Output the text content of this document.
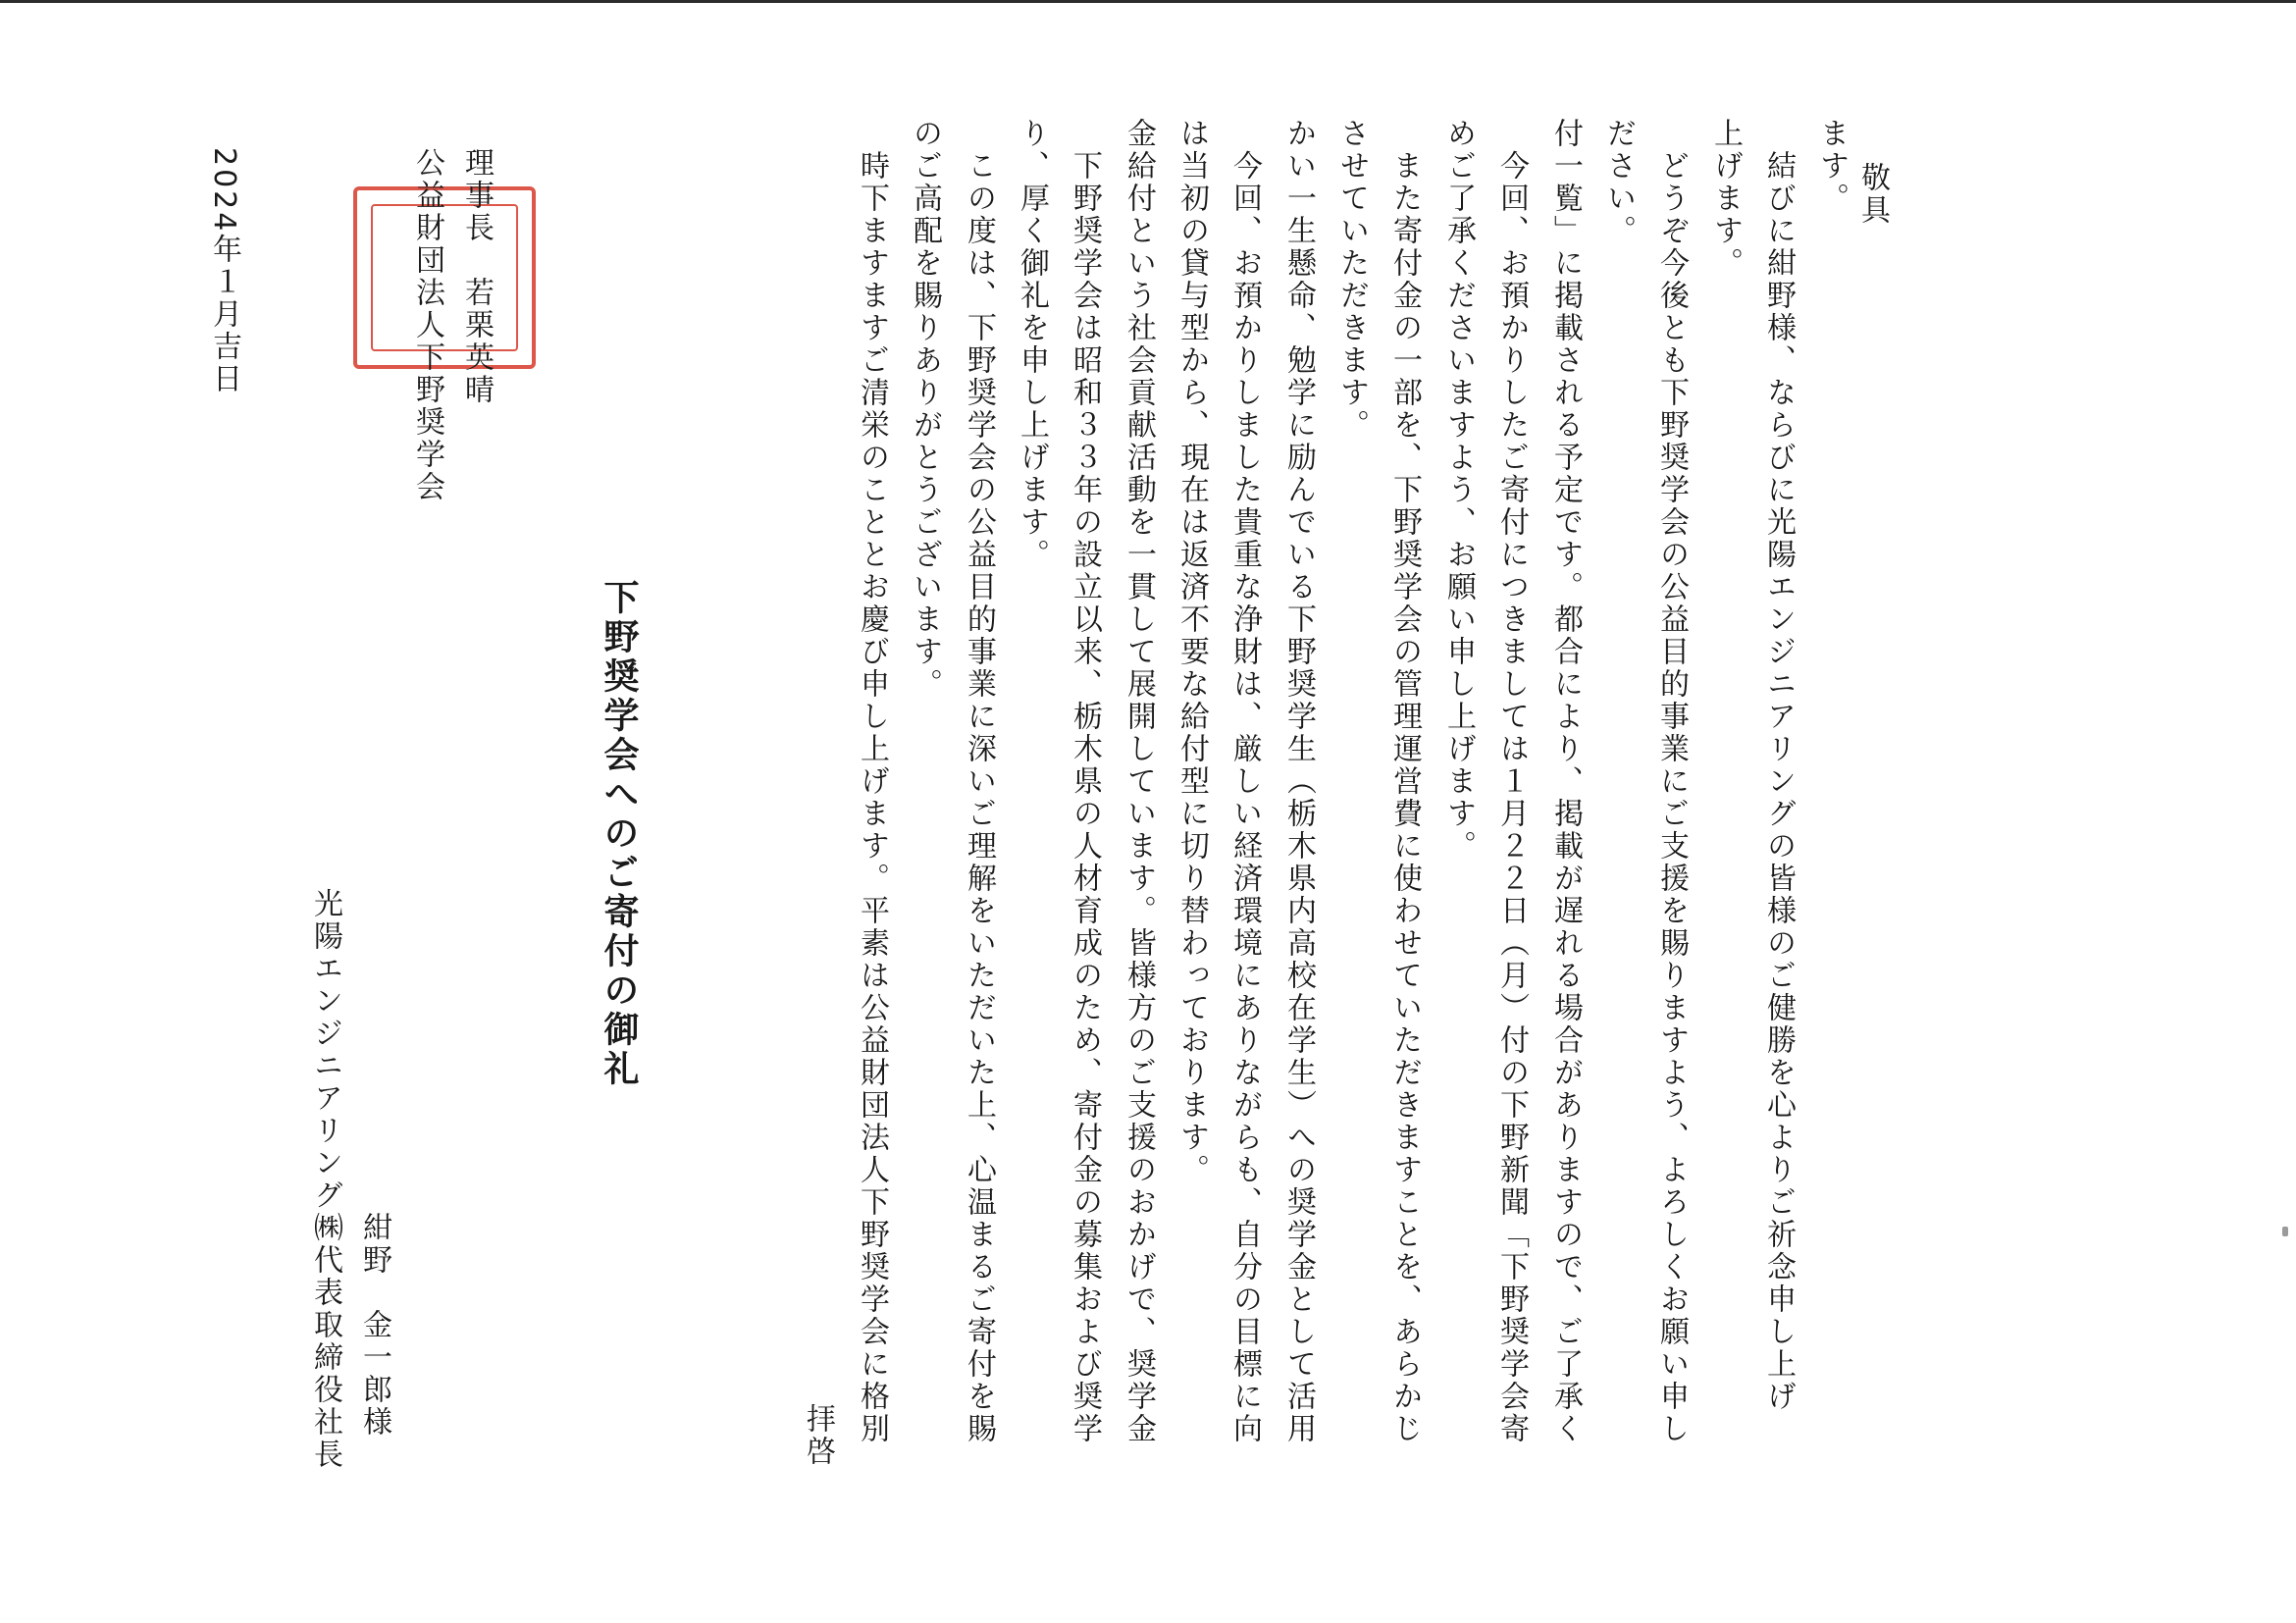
2024年１月吉日
光陽エンジニアリング㈱代表取締役社長 紺野　金一郎様
公益財団法人下野奨学会 理事長　若栗英晴
下野奨学会へのご寄付の御礼
拝啓 　時下ますますご清栄のこととお慶び申し上げます。平素は公益財団法人下野奨学会に格別 のご高配を賜りありがとうございます。 　この度は、下野奨学会の公益目的事業に深いご理解をいただいた上、心温まるご寄付を賜 り、厚く御礼を申し上げます。 　下野奨学会は昭和３３年の設立以来、栃木県の人材育成のため、寄付金の募集および奨学 金給付という社会貢献活動を一貫して展開しています。皆様方のご支援のおかげで、奨学金 は当初の貸与型から、現在は返済不要な給付型に切り替わっております。 　今回、お預かりしました貴重な浄財は、厳しい経済環境にありながらも、自分の目標に向 かい一生懸命、勉学に励んでいる下野奨学生（栃木県内高校在学生）への奨学金として活用 させていただきます。 　また寄付金の一部を、下野奨学会の管理運営費に使わせていただきますことを、あらかじ めご了承くださいますよう、お願い申し上げます。 　今回、お預かりしたご寄付につきましては１月２２日（月）付の下野新聞「下野奨学会寄 付一覧」に掲載される予定です。都合により、掲載が遅れる場合がありますので、ご了承く ださい。 　どうぞ今後とも下野奨学会の公益目的事業にご支援を賜りますよう、よろしくお願い申し 上げます。 　結びに紺野様、ならびに光陽エンジニアリングの皆様のご健勝を心よりご祈念申し上げ ます。 敬具
